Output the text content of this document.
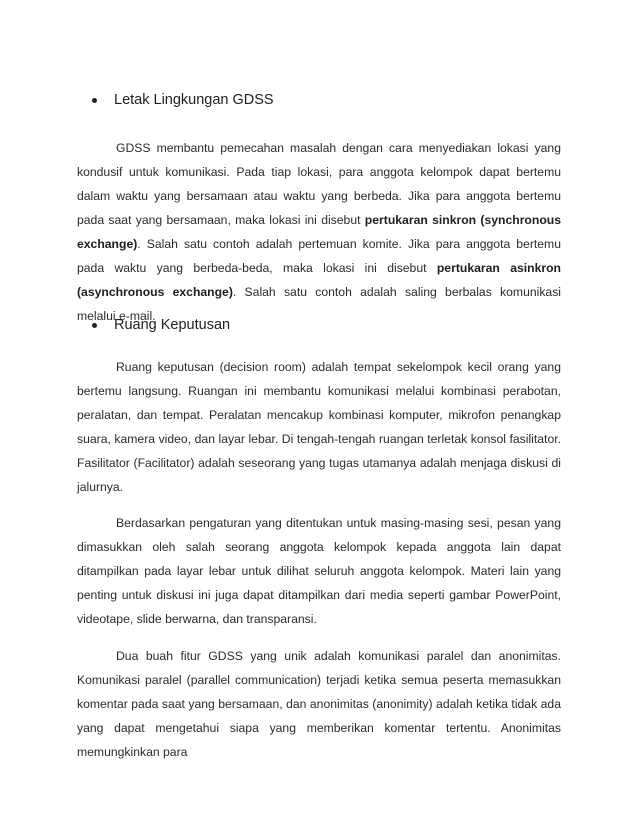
Letak Lingkungan GDSS

GDSS membantu pemecahan masalah dengan cara menyediakan lokasi yang kondusif untuk komunikasi. Pada tiap lokasi, para anggota kelompok dapat bertemu dalam waktu yang bersamaan atau waktu yang berbeda. Jika para anggota bertemu pada saat yang bersamaan, maka lokasi ini disebut pertukaran sinkron (synchronous exchange). Salah satu contoh adalah pertemuan komite. Jika para anggota bertemu pada waktu yang berbeda-beda, maka lokasi ini disebut pertukaran asinkron (asynchronous exchange). Salah satu contoh adalah saling berbalas komunikasi melalui e-mail.

Ruang Keputusan

Ruang keputusan (decision room) adalah tempat sekelompok kecil orang yang bertemu langsung. Ruangan ini membantu komunikasi melalui kombinasi perabotan, peralatan, dan tempat. Peralatan mencakup kombinasi komputer, mikrofon penangkap suara, kamera video, dan layar lebar. Di tengah-tengah ruangan terletak konsol fasilitator. Fasilitator (Facilitator) adalah seseorang yang tugas utamanya adalah menjaga diskusi di jalurnya.

Berdasarkan pengaturan yang ditentukan untuk masing-masing sesi, pesan yang dimasukkan oleh salah seorang anggota kelompok kepada anggota lain dapat ditampilkan pada layar lebar untuk dilihat seluruh anggota kelompok. Materi lain yang penting untuk diskusi ini juga dapat ditampilkan dari media seperti gambar PowerPoint, videotape, slide berwarna, dan transparansi.

Dua buah fitur GDSS yang unik adalah komunikasi paralel dan anonimitas. Komunikasi paralel (parallel communication) terjadi ketika semua peserta memasukkan komentar pada saat yang bersamaan, dan anonimitas (anonimity) adalah ketika tidak ada yang dapat mengetahui siapa yang memberikan komentar tertentu. Anonimitas memungkinkan para
